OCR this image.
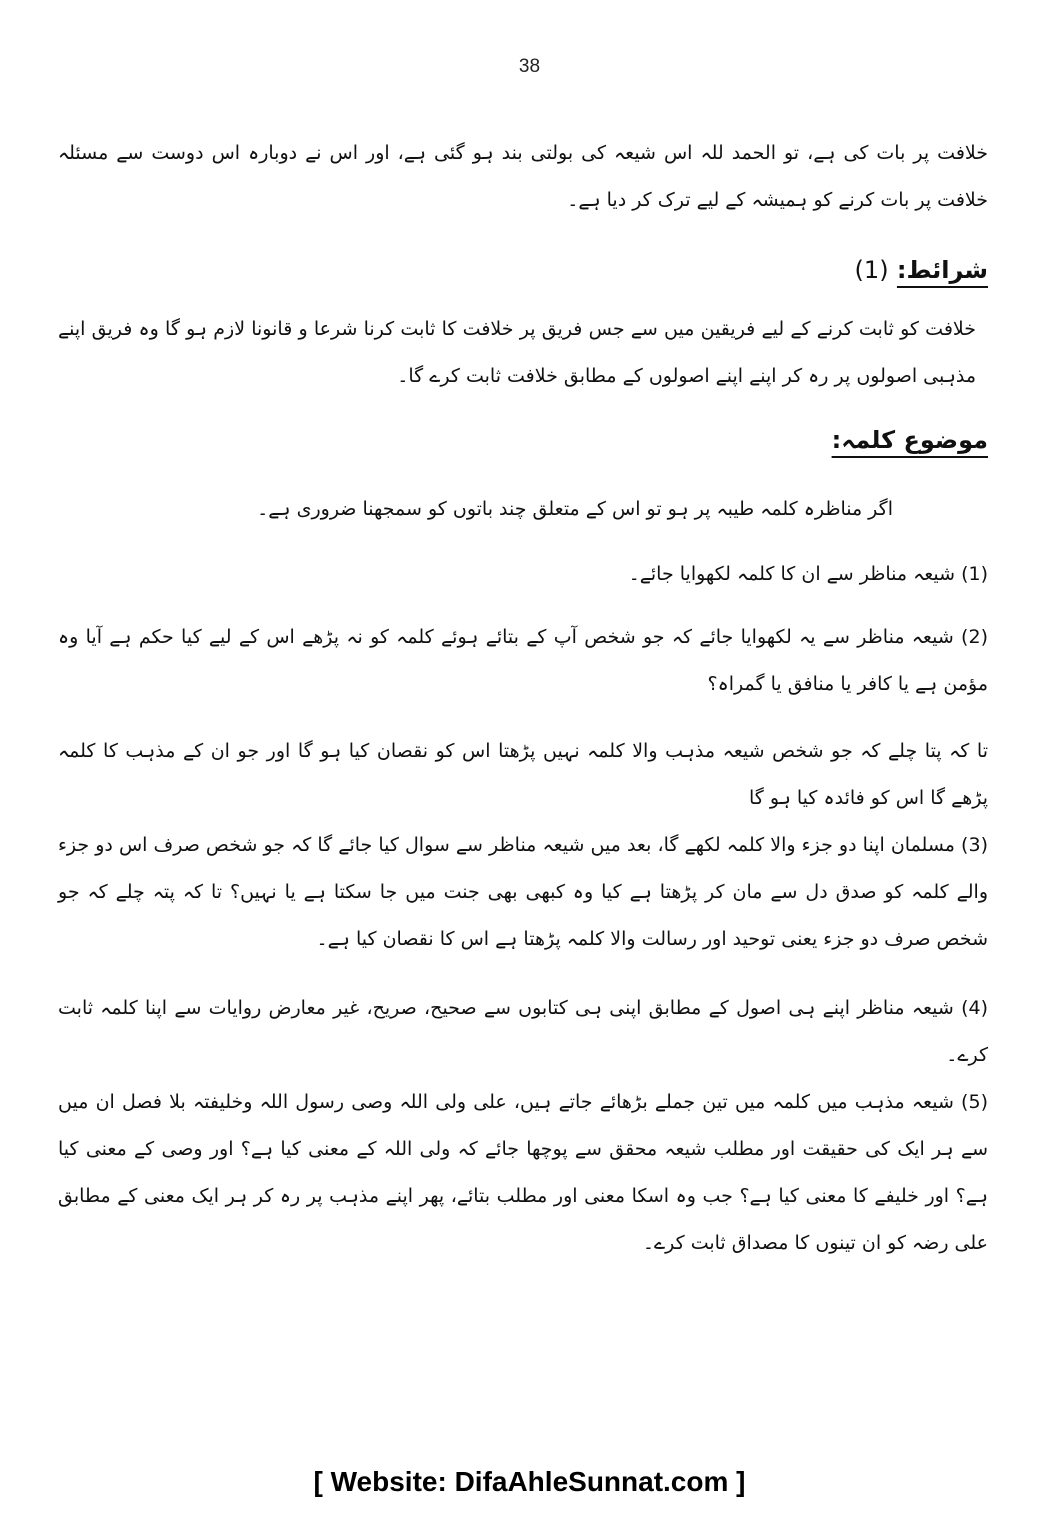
38

خلافت پر بات کی ہے، تو الحمد للہ اس شیعہ کی بولتی بند ہو گئی ہے، اور اس نے دوبارہ اس دوست سے مسئلہ خلافت پر بات کرنے کو ہمیشہ کے لیے ترک کر دیا ہے۔

شرائط: (1)

خلافت کو ثابت کرنے کے لیے فریقین میں سے جس فریق پر خلافت کا ثابت کرنا شرعا و قانونا لازم ہو گا وہ فریق اپنے مذہبی اصولوں پر رہ کر اپنے اپنے اصولوں کے مطابق خلافت ثابت کرے گا۔

موضوع کلمہ:

اگر مناظرہ کلمہ طیبہ پر ہو تو اس کے متعلق چند باتوں کو سمجھنا ضروری ہے۔

(1) شیعہ مناظر سے ان کا کلمہ لکھوایا جائے۔

(2) شیعہ مناظر سے یہ لکھوایا جائے کہ جو شخص آپ کے بتائے ہوئے کلمہ کو نہ پڑھے اس کے لیے کیا حکم ہے آیا وہ مؤمن ہے یا کافر یا منافق یا گمراہ؟

تا کہ پتا چلے کہ جو شخص شیعہ مذہب والا کلمہ نہیں پڑھتا اس کو نقصان کیا ہو گا اور جو ان کے مذہب کا کلمہ پڑھے گا اس کو فائدہ کیا ہو گا

(3) مسلمان اپنا دو جزء والا کلمہ لکھے گا، بعد میں شیعہ مناظر سے سوال کیا جائے گا کہ جو شخص صرف اس دو جزء والے کلمہ کو صدق دل سے مان کر پڑھتا ہے کیا وہ کبھی بھی جنت میں جا سکتا ہے یا نہیں؟ تا کہ پتہ چلے کہ جو شخص صرف دو جزء یعنی توحید اور رسالت والا کلمہ پڑھتا ہے اس کا نقصان کیا ہے۔

(4) شیعہ مناظر اپنے ہی اصول کے مطابق اپنی ہی کتابوں سے صحیح، صریح، غیر معارض روایات سے اپنا کلمہ ثابت کرے۔

(5) شیعہ مذہب میں کلمہ میں تین جملے بڑھائے جاتے ہیں، علی ولی اللہ وصی رسول اللہ وخلیفتہ بلا فصل ان میں سے ہر ایک کی حقیقت اور مطلب شیعہ محقق سے پوچھا جائے کہ ولی اللہ کے معنی کیا ہے؟ اور وصی کے معنی کیا ہے؟ اور خلیفے کا معنی کیا ہے؟ جب وہ اسکا معنی اور مطلب بتائے، پھر اپنے مذہب پر رہ کر ہر ایک معنی کے مطابق علی رضہ کو ان تینوں کا مصداق ثابت کرے۔

[ Website: DifaAhleSunnat.com ]
